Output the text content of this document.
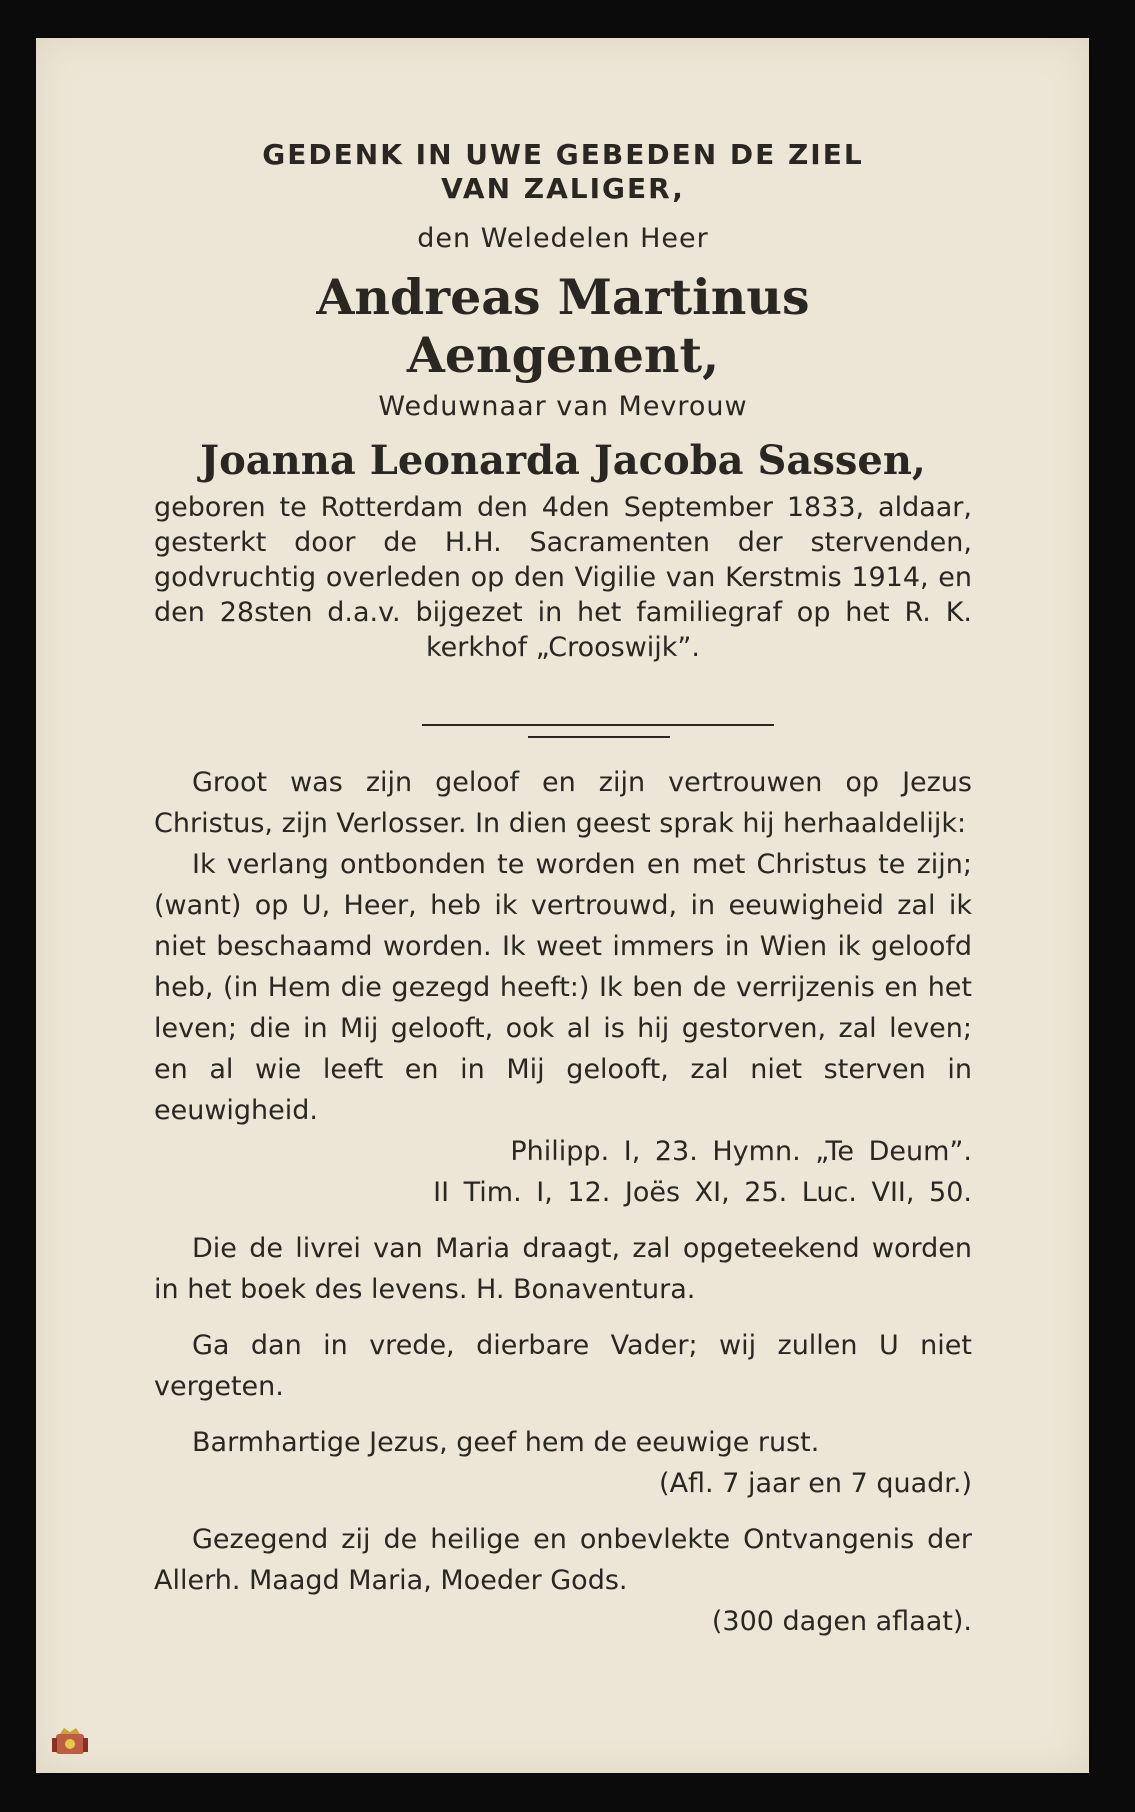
GEDENK IN UWE GEBEDEN DE ZIEL

VAN ZALIGER,

den Weledelen Heer

Andreas Martinus Aengenent,

Weduwnaar van Mevrouw

Joanna Leonarda Jacoba Sassen,

geboren te Rotterdam den 4den September 1833, aldaar, gesterkt door de H.H. Sacramenten der stervenden, godvruchtig overleden op den Vigilie van Kerstmis 1914, en den 28sten d.a.v. bijgezet in het familiegraf op het R. K. kerkhof „Crooswijk”.

Groot was zijn geloof en zijn vertrouwen op Jezus Christus, zijn Verlosser. In dien geest sprak hij herhaaldelijk:

Ik verlang ontbonden te worden en met Christus te zijn; (want) op U, Heer, heb ik vertrouwd, in eeuwigheid zal ik niet beschaamd worden. Ik weet immers in Wien ik geloofd heb, (in Hem die gezegd heeft:) Ik ben de verrijzenis en het leven; die in Mij gelooft, ook al is hij gestorven, zal leven; en al wie leeft en in Mij gelooft, zal niet sterven in eeuwigheid.

Philipp. I, 23. Hymn. „Te Deum”.

II Tim. I, 12. Joës XI, 25. Luc. VII, 50.

Die de livrei van Maria draagt, zal opgeteekend worden in het boek des levens. H. Bonaventura.

Ga dan in vrede, dierbare Vader; wij zullen U niet vergeten.

Barmhartige Jezus, geef hem de eeuwige rust.

(Afl. 7 jaar en 7 quadr.)

Gezegend zij de heilige en onbevlekte Ontvangenis der Allerh. Maagd Maria, Moeder Gods.

(300 dagen aflaat).
